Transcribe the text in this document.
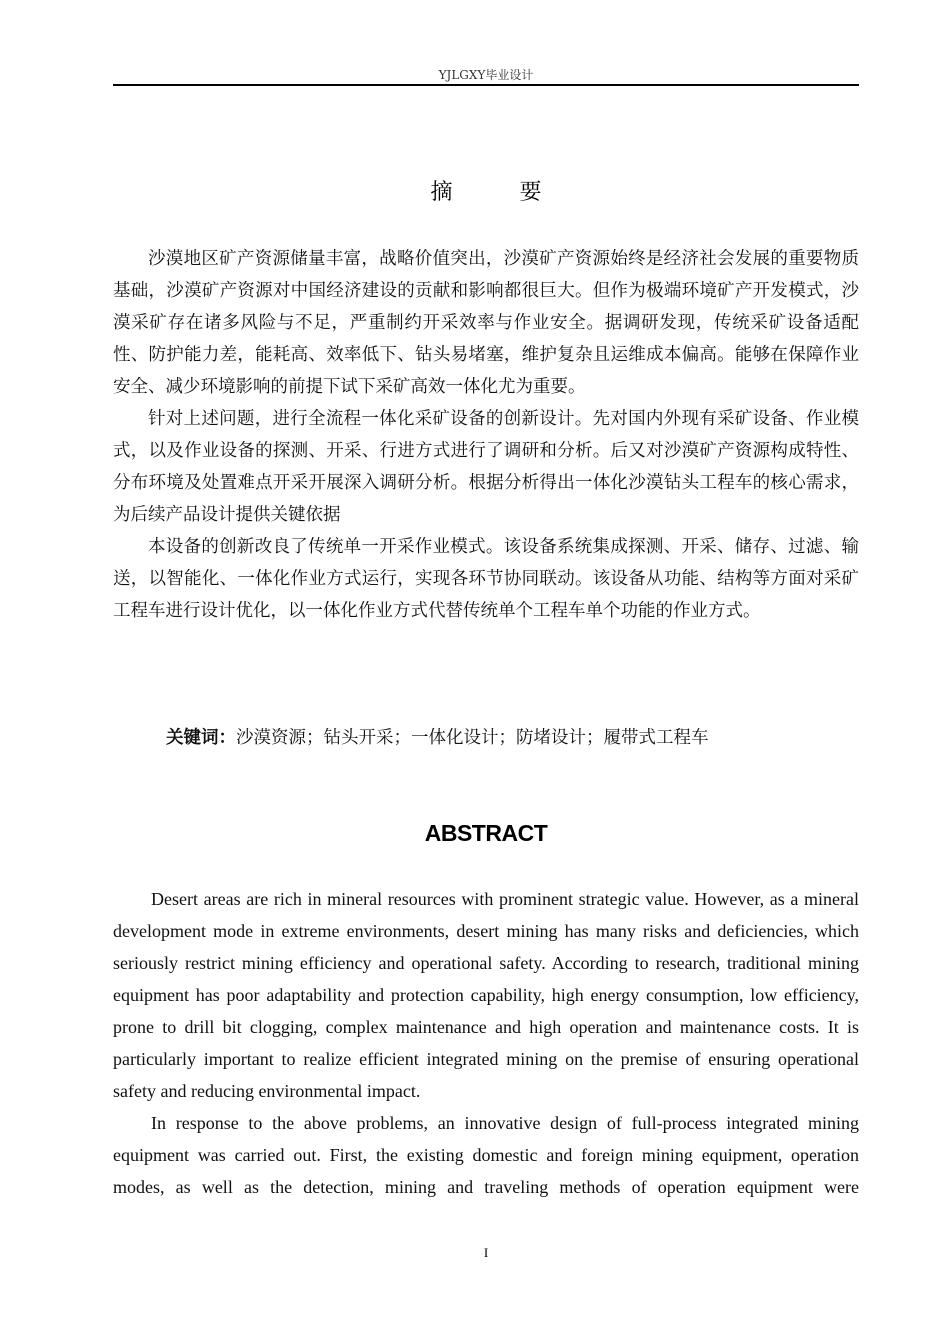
YJLGXY毕业设计
摘 要

沙漠地区矿产资源储量丰富，战略价值突出，沙漠矿产资源始终是经济社会发展的重要物质基础，沙漠矿产资源对中国经济建设的贡献和影响都很巨大。但作为极端环境矿产开发模式，沙漠采矿存在诸多风险与不足，严重制约开采效率与作业安全。据调研发现，传统采矿设备适配性、防护能力差，能耗高、效率低下、钻头易堵塞，维护复杂且运维成本偏高。能够在保障作业安全、减少环境影响的前提下试下采矿高效一体化尤为重要。

针对上述问题，进行全流程一体化采矿设备的创新设计。先对国内外现有采矿设备、作业模式，以及作业设备的探测、开采、行进方式进行了调研和分析。后又对沙漠矿产资源构成特性、分布环境及处置难点开采开展深入调研分析。根据分析得出一体化沙漠钻头工程车的核心需求，为后续产品设计提供关键依据

本设备的创新改良了传统单一开采作业模式。该设备系统集成探测、开采、储存、过滤、输送，以智能化、一体化作业方式运行，实现各环节协同联动。该设备从功能、结构等方面对采矿工程车进行设计优化，以一体化作业方式代替传统单个工程车单个功能的作业方式。

关键词：沙漠资源；钻头开采；一体化设计；防堵设计；履带式工程车
ABSTRACT

Desert areas are rich in mineral resources with prominent strategic value. However, as a mineral development mode in extreme environments, desert mining has many risks and deficiencies, which seriously restrict mining efficiency and operational safety. According to research, traditional mining equipment has poor adaptability and protection capability, high energy consumption, low efficiency, prone to drill bit clogging, complex maintenance and high operation and maintenance costs. It is particularly important to realize efficient integrated mining on the premise of ensuring operational safety and reducing environmental impact.

In response to the above problems, an innovative design of full-process integrated mining equipment was carried out. First, the existing domestic and foreign mining equipment, operation modes, as well as the detection, mining and traveling methods of operation equipment were

I
